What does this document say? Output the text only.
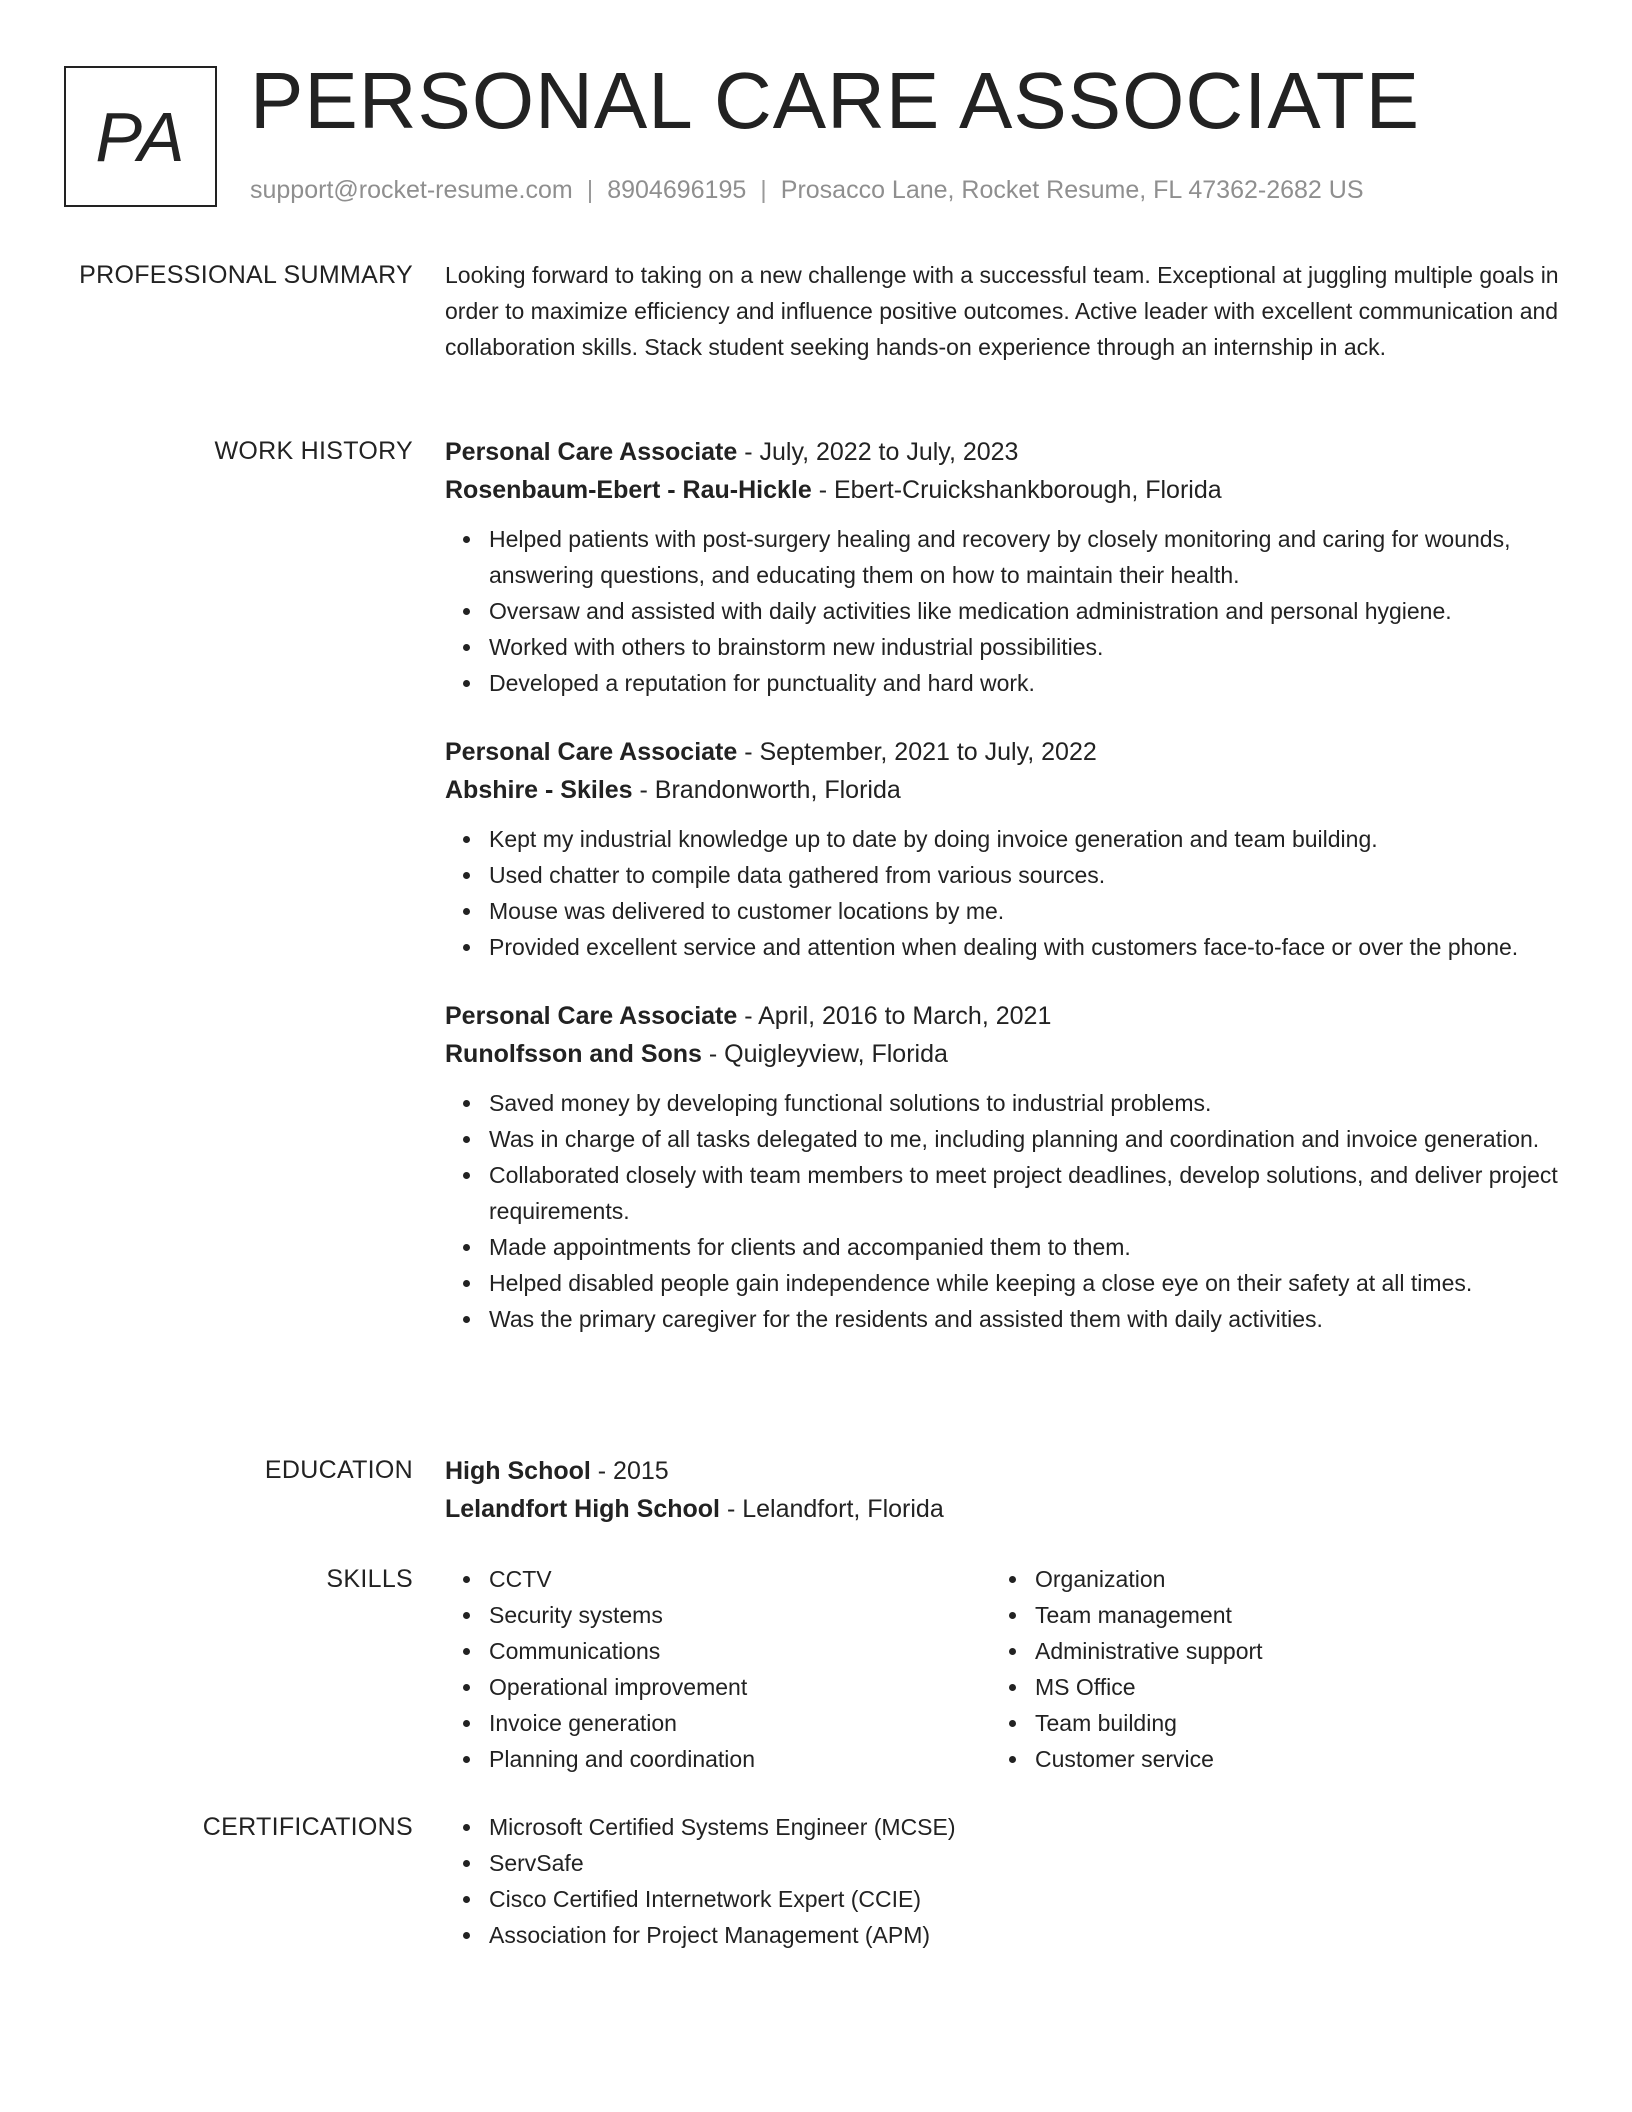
PA PERSONAL CARE ASSOCIATE
support@rocket-resume.com | 8904696195 | Prosacco Lane, Rocket Resume, FL 47362-2682 US
PROFESSIONAL SUMMARY Looking forward to taking on a new challenge with a successful team. Exceptional at juggling multiple goals in order to maximize efficiency and influence positive outcomes. Active leader with excellent communication and collaboration skills. Stack student seeking hands-on experience through an internship in ack.

WORK HISTORY Personal Care Associate - July, 2022 to July, 2023
Rosenbaum-Ebert - Rau-Hickle - Ebert-Cruickshankborough, Florida
Helped patients with post-surgery healing and recovery by closely monitoring and caring for wounds, answering questions, and educating them on how to maintain their health.
Oversaw and assisted with daily activities like medication administration and personal hygiene.
Worked with others to brainstorm new industrial possibilities.
Developed a reputation for punctuality and hard work.
Personal Care Associate - September, 2021 to July, 2022
Abshire - Skiles - Brandonworth, Florida
Kept my industrial knowledge up to date by doing invoice generation and team building.
Used chatter to compile data gathered from various sources.
Mouse was delivered to customer locations by me.
Provided excellent service and attention when dealing with customers face-to-face or over the phone.
Personal Care Associate - April, 2016 to March, 2021
Runolfsson and Sons - Quigleyview, Florida
Saved money by developing functional solutions to industrial problems.
Was in charge of all tasks delegated to me, including planning and coordination and invoice generation.
Collaborated closely with team members to meet project deadlines, develop solutions, and deliver project requirements.
Made appointments for clients and accompanied them to them.
Helped disabled people gain independence while keeping a close eye on their safety at all times.
Was the primary caregiver for the residents and assisted them with daily activities.
EDUCATION High School - 2015
Lelandfort High School - Lelandfort, Florida
SKILLS	CCTV
Security systems
Communications
Operational improvement
Invoice generation
Planning and coordination
Organization
Team management
Administrative support
MS Office
Team building
Customer service
CERTIFICATIONS	Microsoft Certified Systems Engineer (MCSE)
ServSafe
Cisco Certified Internetwork Expert (CCIE)
Association for Project Management (APM)
